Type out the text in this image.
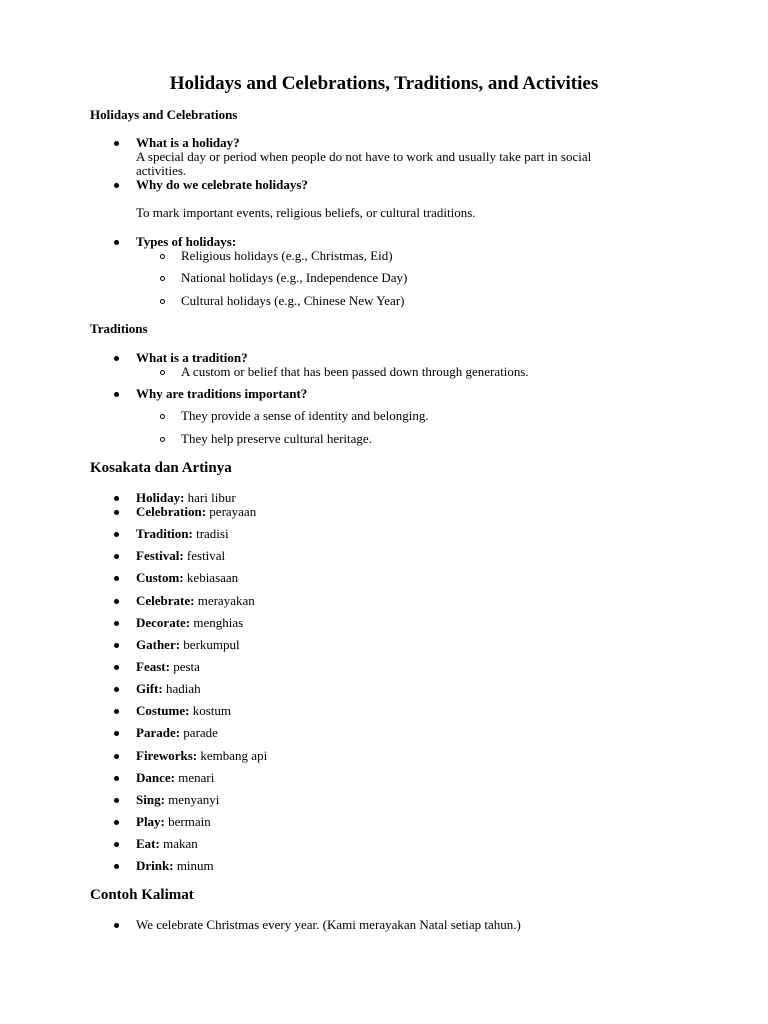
Holidays and Celebrations, Traditions, and Activities
Holidays and Celebrations
What is a holiday?
A special day or period when people do not have to work and usually take part in social
activities.
Why do we celebrate holidays?
To mark important events, religious beliefs, or cultural traditions.
Types of holidays:
Religious holidays (e.g., Christmas, Eid)
National holidays (e.g., Independence Day)
Cultural holidays (e.g., Chinese New Year)
Traditions
What is a tradition?
A custom or belief that has been passed down through generations.
Why are traditions important?
They provide a sense of identity and belonging.
They help preserve cultural heritage.
Kosakata dan Artinya
Holiday: hari libur
Celebration: perayaan
Tradition: tradisi
Festival: festival
Custom: kebiasaan
Celebrate: merayakan
Decorate: menghias
Gather: berkumpul
Feast: pesta
Gift: hadiah
Costume: kostum
Parade: parade
Fireworks: kembang api
Dance: menari
Sing: menyanyi
Play: bermain
Eat: makan
Drink: minum
Contoh Kalimat
We celebrate Christmas every year. (Kami merayakan Natal setiap tahun.)
